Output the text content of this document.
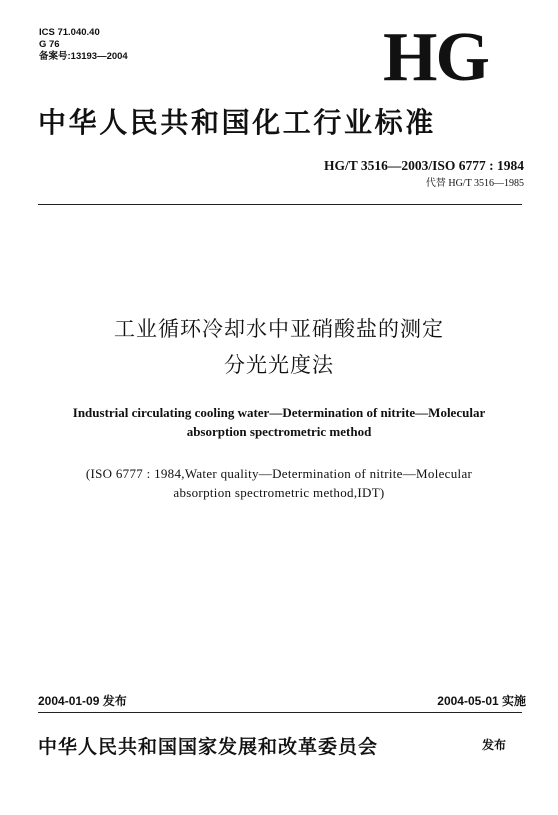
ICS 71.040.40
G 76
备案号:13193—2004	HG
中华人民共和国化工行业标准
HG/T 3516—2003/ISO 6777 : 1984
代替 HG/T 3516—1985
工业循环冷却水中亚硝酸盐的测定
分光光度法
Industrial circulating cooling water—Determination of nitrite—Molecular
absorption spectrometric method
(ISO 6777 : 1984,Water quality—Determination of nitrite—Molecular
absorption spectrometric method,IDT)
2004-01-09 发布	2004-05-01 实施
中华人民共和国国家发展和改革委员会	发布
